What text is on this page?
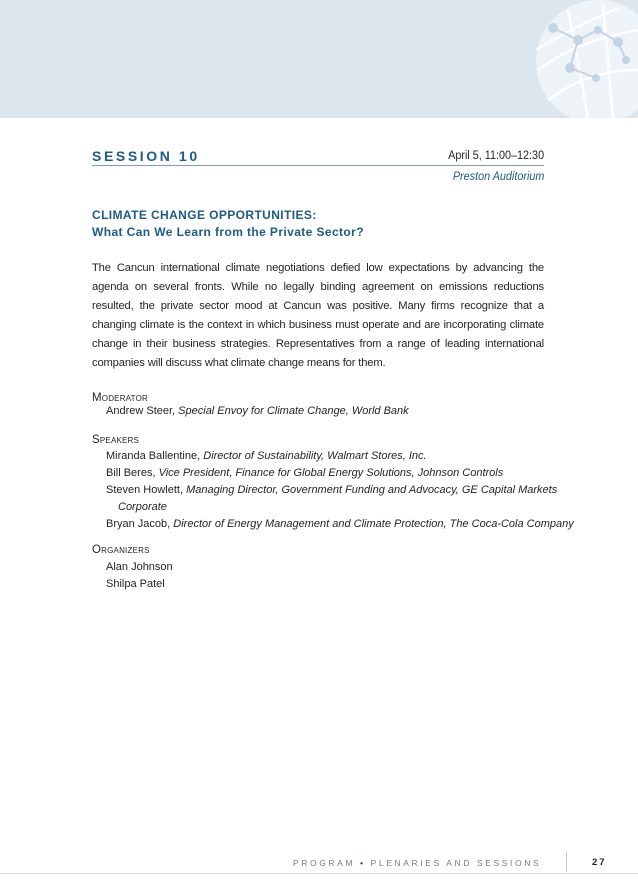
SESSION 10	April 5, 11:00–12:30
Preston Auditorium
CLIMATE CHANGE OPPORTUNITIES:
What Can We Learn from the Private Sector?

The Cancun international climate negotiations defied low expectations by advancing the agenda on several fronts. While no legally binding agreement on emissions reductions resulted, the private sector mood at Cancun was positive. Many firms recognize that a changing climate is the context in which business must operate and are incorporating climate change in their business strategies. Representatives from a range of leading international companies will discuss what climate change means for them.

Moderator
Andrew Steer, Special Envoy for Climate Change, World Bank
Speakers
Miranda Ballentine, Director of Sustainability, Walmart Stores, Inc.
Bill Beres, Vice President, Finance for Global Energy Solutions, Johnson Controls
Steven Howlett, Managing Director, Government Funding and Advocacy, GE Capital Markets
Corporate
Bryan Jacob, Director of Energy Management and Climate Protection, The Coca-Cola Company
Organizers
Alan Johnson
Shilpa Patel
PROGRAM • PLENARIES AND SESSIONS	27
